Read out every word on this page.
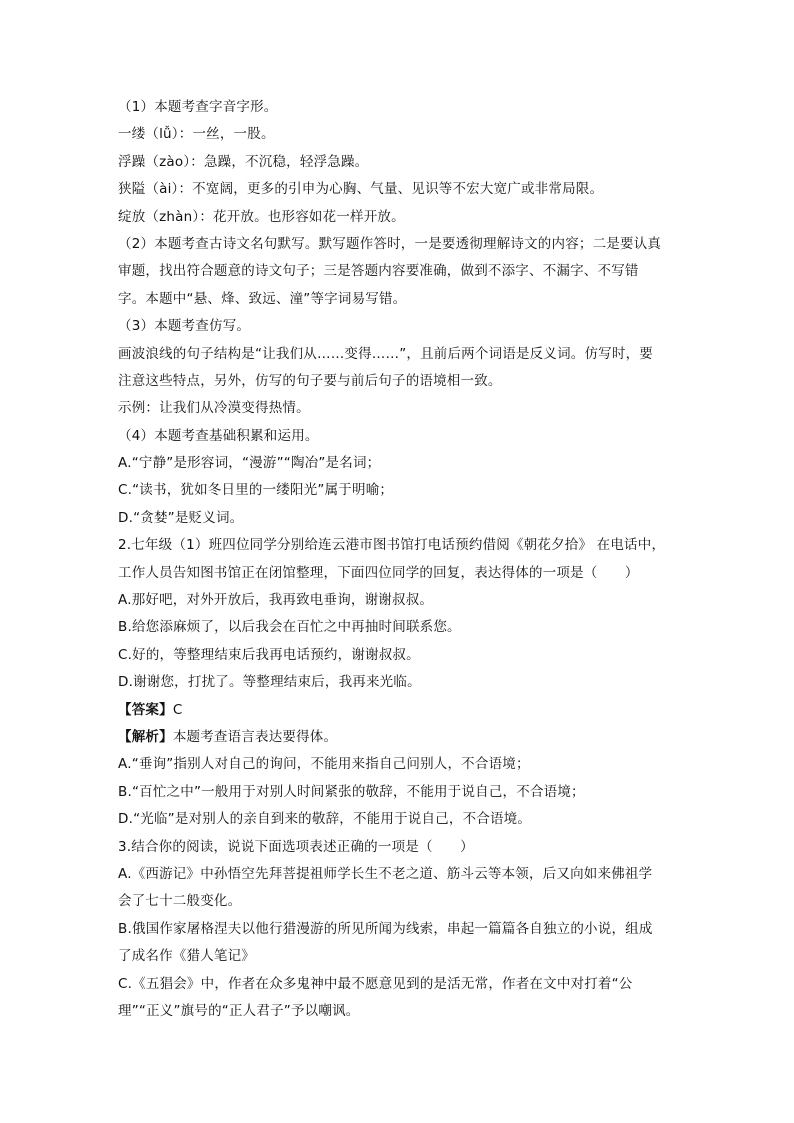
（1）本题考查字音字形。
一缕（lǚ）：一丝，一股。
浮躁（zào）：急躁，不沉稳，轻浮急躁。
狭隘（ài）：不宽阔，更多的引申为心胸、气量、见识等不宏大宽广或非常局限。
绽放（zhàn）：花开放。也形容如花一样开放。
（2）本题考查古诗文名句默写。默写题作答时，一是要透彻理解诗文的内容；二是要认真
审题，找出符合题意的诗文句子；三是答题内容要准确，做到不添字、不漏字、不写错
字。本题中“悬、烽、致远、潼”等字词易写错。
（3）本题考查仿写。
画波浪线的句子结构是“让我们从……变得……”，且前后两个词语是反义词。仿写时，要
注意这些特点，另外，仿写的句子要与前后句子的语境相一致。
示例：让我们从冷漠变得热情。
（4）本题考查基础积累和运用。
A.“宁静”是形容词，“漫游”“陶冶”是名词；
C.“读书，犹如冬日里的一缕阳光”属于明喻；
D.“贪婪”是贬义词。
2.七年级（1）班四位同学分别给连云港市图书馆打电话预约借阅《朝花夕拾》 在电话中，
工作人员告知图书馆正在闭馆整理，下面四位同学的回复，表达得体的一项是（　　）
A.那好吧，对外开放后，我再致电垂询，谢谢叔叔。
B.给您添麻烦了，以后我会在百忙之中再抽时间联系您。
C.好的，等整理结束后我再电话预约，谢谢叔叔。
D.谢谢您，打扰了。等整理结束后，我再来光临。
【答案】C
【解析】本题考查语言表达要得体。
A.“垂询”指别人对自己的询问，不能用来指自己问别人，不合语境；
B.“百忙之中”一般用于对别人时间紧张的敬辞，不能用于说自己，不合语境；
D.“光临”是对别人的亲自到来的敬辞，不能用于说自己，不合语境。
3.结合你的阅读，说说下面选项表述正确的一项是（　　）
A.《西游记》中孙悟空先拜菩提祖师学长生不老之道、筋斗云等本领，后又向如来佛祖学
会了七十二般变化。
B.俄国作家屠格涅夫以他行猎漫游的所见所闻为线索，串起一篇篇各自独立的小说，组成
了成名作《猎人笔记》
C.《五猖会》中，作者在众多鬼神中最不愿意见到的是活无常，作者在文中对打着“公
理”“正义”旗号的“正人君子”予以嘲讽。
